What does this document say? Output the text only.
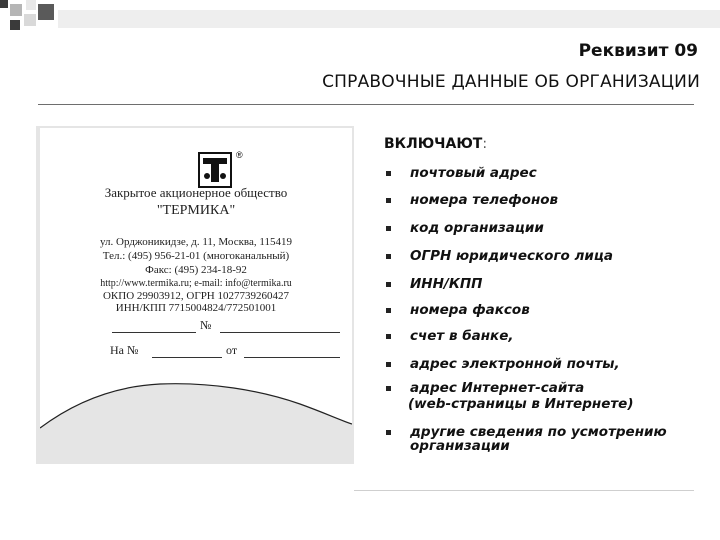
Реквизит 09
СПРАВОЧНЫЕ ДАННЫЕ ОБ ОРГАНИЗАЦИИ
®
Закрытое акционерное общество
"ТЕРМИКА"
ул. Орджоникидзе, д. 11, Москва, 115419
Тел.: (495) 956-21-01 (многоканальный)
Факс: (495) 234-18-92
http://www.termika.ru; e-mail: info@termika.ru
ОКПО 29903912, ОГРН 1027739260427
ИНН/КПП 7715004824/772501001
№
На №	от
ВКЛЮЧАЮТ:
почтовый адрес
номера телефонов
код организации
ОГРН юридического лица
ИНН/КПП
номера факсов
счет в банке,
адрес электронной почты,
адрес Интернет-сайта
(web-страницы в Интернете)
другие сведения по усмотрению
организации
